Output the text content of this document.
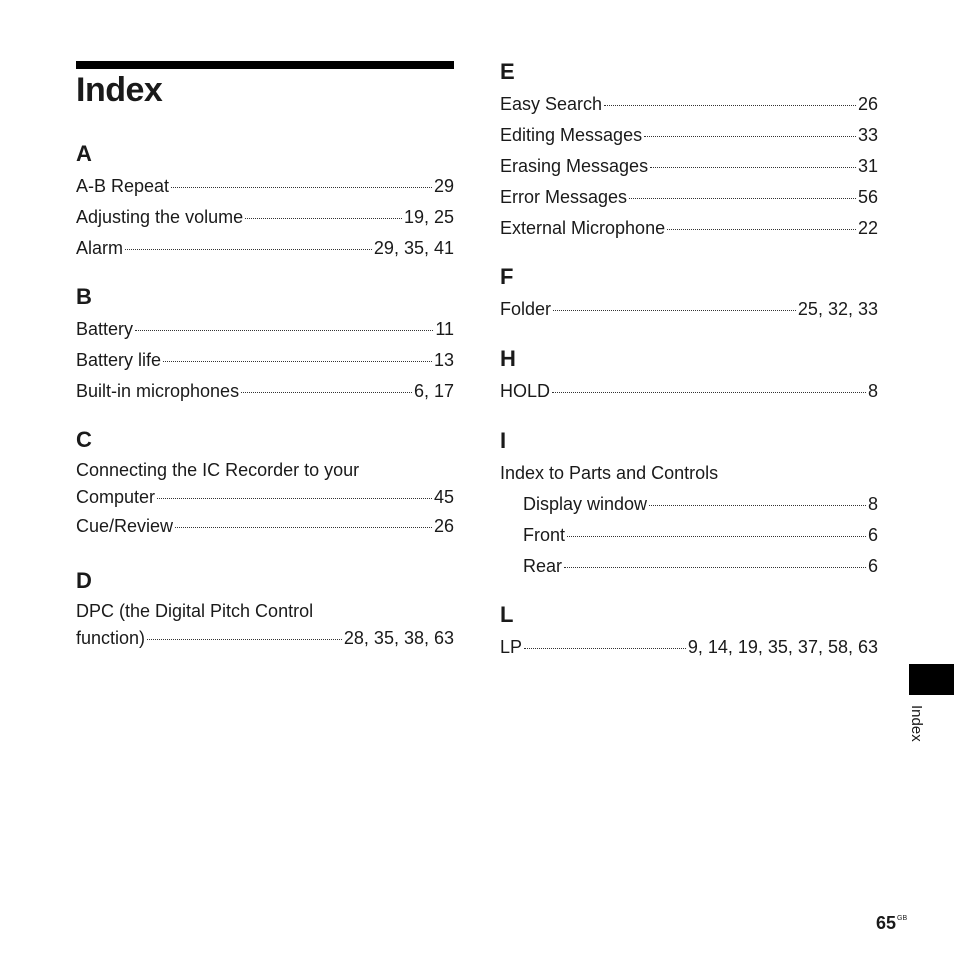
Index
A
A-B Repeat	29
Adjusting the volume	19, 25
Alarm	29, 35, 41
B
Battery	11
Battery life	13
Built-in microphones	6, 17
C
Connecting the IC Recorder to your
Computer	45
Cue/Review	26
D
DPC (the Digital Pitch Control
function)	28, 35, 38, 63
E
Easy Search	26
Editing Messages	33
Erasing Messages	31
Error Messages	56
External Microphone	22
F
Folder	25, 32, 33
H
HOLD	8
I
Index to Parts and Controls
Display window	8
Front	6
Rear	6
L
LP	9, 14, 19, 35, 37, 58, 63
Index
$65^{GB}$
